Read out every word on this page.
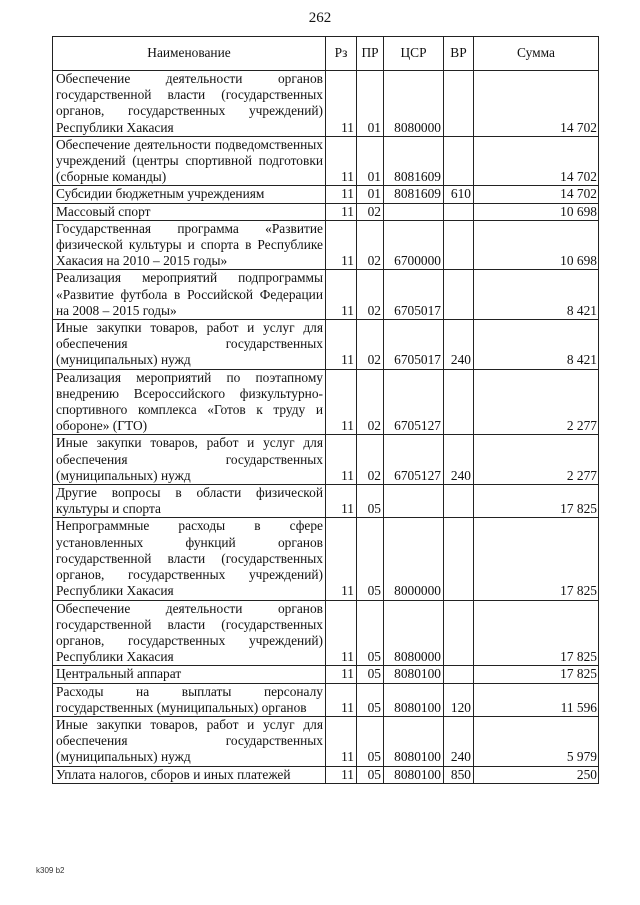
262
Наименование	Рз	ПР	ЦСР	ВР	Сумма
Обеспечение деятельности органов государственной власти (государственных органов, государственных учреждений) Республики Хакасия	11	01	8080000		14 702
Обеспечение деятельности подведомственных учреждений (центры спортивной подготовки (сборные команды)	11	01	8081609		14 702
Субсидии бюджетным учреждениям	11	01	8081609	610	14 702
Массовый спорт	11	02			10 698
Государственная программа «Развитие физической культуры и спорта в Республике Хакасия на 2010 – 2015 годы»	11	02	6700000		10 698
Реализация мероприятий подпрограммы «Развитие футбола в Российской Федерации на 2008 – 2015 годы»	11	02	6705017		8 421
Иные закупки товаров, работ и услуг для обеспечения государственных (муниципальных) нужд	11	02	6705017	240	8 421
Реализация мероприятий по поэтапному внедрению Всероссийского физкультурно-спортивного комплекса «Готов к труду и обороне» (ГТО)	11	02	6705127		2 277
Иные закупки товаров, работ и услуг для обеспечения государственных (муниципальных) нужд	11	02	6705127	240	2 277
Другие вопросы в области физической культуры и спорта	11	05			17 825
Непрограммные расходы в сфере установленных функций органов государственной власти (государственных органов, государственных учреждений) Республики Хакасия	11	05	8000000		17 825
Обеспечение деятельности органов государственной власти (государственных органов, государственных учреждений) Республики Хакасия	11	05	8080000		17 825
Центральный аппарат	11	05	8080100		17 825
Расходы на выплаты персоналу государственных (муниципальных) органов	11	05	8080100	120	11 596
Иные закупки товаров, работ и услуг для обеспечения государственных (муниципальных) нужд	11	05	8080100	240	5 979
Уплата налогов, сборов и иных платежей	11	05	8080100	850	250
k309 b2
